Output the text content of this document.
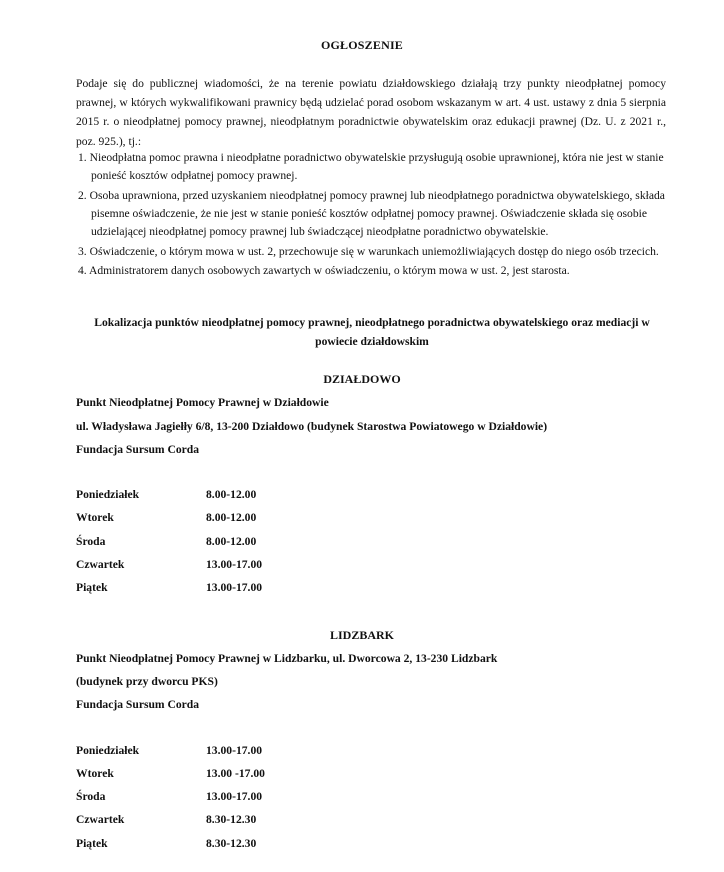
OGŁOSZENIE

Podaje się do publicznej wiadomości, że na terenie powiatu działdowskiego działają trzy punkty nieodpłatnej pomocy prawnej, w których wykwalifikowani prawnicy będą udzielać porad osobom wskazanym w art. 4 ust. ustawy z dnia 5 sierpnia 2015 r. o nieodpłatnej pomocy prawnej, nieodpłatnym poradnictwie obywatelskim oraz edukacji prawnej (Dz. U. z 2021 r., poz. 925.), tj.:

1. Nieodpłatna pomoc prawna i nieodpłatne poradnictwo obywatelskie przysługują osobie uprawnionej, która nie jest w stanie ponieść kosztów odpłatnej pomocy prawnej.
2. Osoba uprawniona, przed uzyskaniem nieodpłatnej pomocy prawnej lub nieodpłatnego poradnictwa obywatelskiego, składa pisemne oświadczenie, że nie jest w stanie ponieść kosztów odpłatnej pomocy prawnej. Oświadczenie składa się osobie udzielającej nieodpłatnej pomocy prawnej lub świadczącej nieodpłatne poradnictwo obywatelskie.
3. Oświadczenie, o którym mowa w ust. 2, przechowuje się w warunkach uniemożliwiających dostęp do niego osób trzecich.
4. Administratorem danych osobowych zawartych w oświadczeniu, o którym mowa w ust. 2, jest starosta.
Lokalizacja punktów nieodpłatnej pomocy prawnej, nieodpłatnego poradnictwa obywatelskiego oraz mediacji w powiecie działdowskim
DZIAŁDOWO
Punkt Nieodpłatnej Pomocy Prawnej w Działdowie
ul. Władysława Jagiełły 6/8, 13-200 Działdowo (budynek Starostwa Powiatowego w Działdowie)
Fundacja Sursum Corda
Poniedziałek	8.00-12.00
Wtorek	8.00-12.00
Środa	8.00-12.00
Czwartek	13.00-17.00
Piątek	13.00-17.00
LIDZBARK
Punkt Nieodpłatnej Pomocy Prawnej w Lidzbarku, ul. Dworcowa 2, 13-230 Lidzbark
(budynek przy dworcu PKS)
Fundacja Sursum Corda
Poniedziałek	13.00-17.00
Wtorek	13.00 -17.00
Środa	13.00-17.00
Czwartek	8.30-12.30
Piątek	8.30-12.30
